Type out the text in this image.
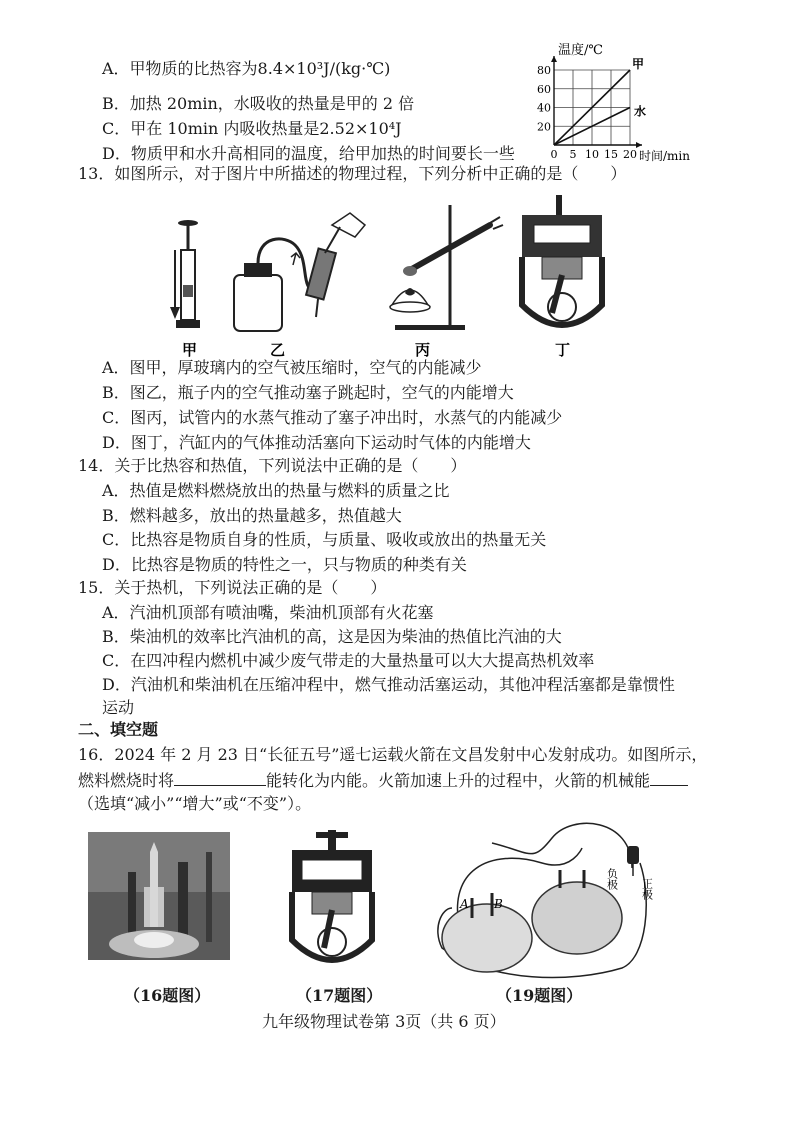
A．甲物质的比热容为8.4×10³J/(kg·℃)
B．加热 20min，水吸收的热量是甲的 2 倍
C．甲在 10min 内吸收热量是2.52×10⁴J
D．物质甲和水升高相同的温度，给甲加热的时间要长一些	0 5 10 15 20
20
40
60
80	甲
水
温度/℃
时间/min
13．如图所示，对于图片中所描述的物理过程，下列分析中正确的是（　　）
甲	乙	丙	丁
A．图甲，厚玻璃内的空气被压缩时，空气的内能减少
B．图乙，瓶子内的空气推动塞子跳起时，空气的内能增大
C．图丙，试管内的水蒸气推动了塞子冲出时，水蒸气的内能减少
D．图丁，汽缸内的气体推动活塞向下运动时气体的内能增大
14．关于比热容和热值，下列说法中正确的是（　　）
A．热值是燃料燃烧放出的热量与燃料的质量之比
B．燃料越多，放出的热量越多，热值越大
C．比热容是物质自身的性质，与质量、吸收或放出的热量无关
D．比热容是物质的特性之一，只与物质的种类有关
15．关于热机，下列说法正确的是（　　）
A．汽油机顶部有喷油嘴，柴油机顶部有火花塞
B．柴油机的效率比汽油机的高，这是因为柴油的热值比汽油的大
C．在四冲程内燃机中减少废气带走的大量热量可以大大提高热机效率
D．汽油机和柴油机在压缩冲程中，燃气推动活塞运动，其他冲程活塞都是靠惯性
运动
二、填空题
16．2024 年 2 月 23 日“长征五号”遥七运载火箭在文昌发射中心发射成功。如图所示，
燃料燃烧时将	能转化为内能。火箭加速上升的过程中，火箭的机械能
（选填“减小”“增大”或“不变”）。
A B
负极 正极
（16题图）	（17题图）	（19题图）
九年级物理试卷第 3页（共 6 页）
